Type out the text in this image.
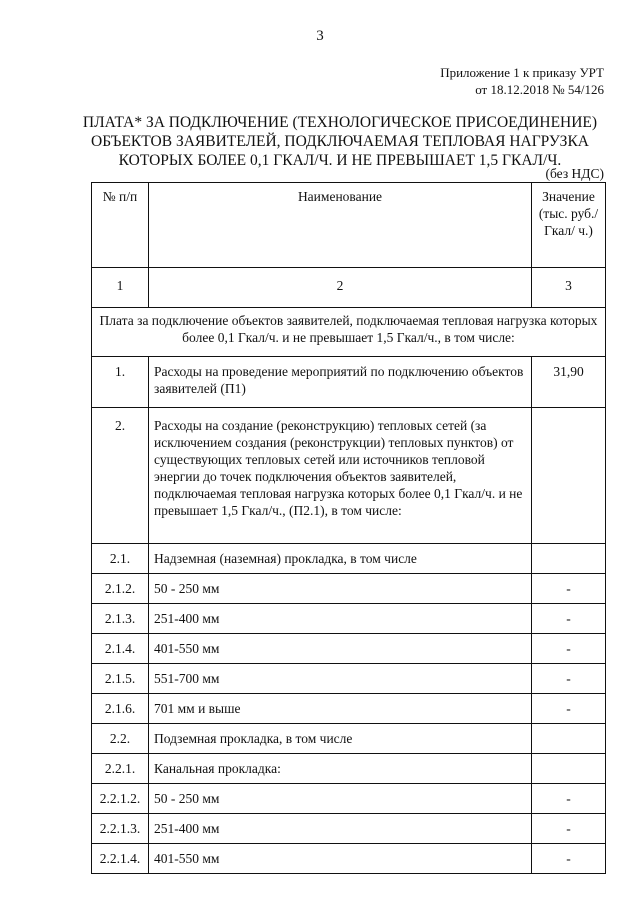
3
Приложение 1 к приказу УРТ
от 18.12.2018 № 54/126
ПЛАТА* ЗА ПОДКЛЮЧЕНИЕ (ТЕХНОЛОГИЧЕСКОЕ ПРИСОЕДИНЕНИЕ)
ОБЪЕКТОВ ЗАЯВИТЕЛЕЙ, ПОДКЛЮЧАЕМАЯ ТЕПЛОВАЯ НАГРУЗКА
КОТОРЫХ БОЛЕЕ 0,1 ГКАЛ/Ч. И НЕ ПРЕВЫШАЕТ 1,5 ГКАЛ/Ч.
(без НДС)
№ п/п	Наименование	Значение (тыс. руб./Гкал/ ч.)
1	2	3
Плата за подключение объектов заявителей, подключаемая тепловая нагрузка которых более 0,1 Гкал/ч. и не превышает 1,5 Гкал/ч., в том числе:		
1.	Расходы на проведение мероприятий по подключению объектов заявителей (П1)	31,90
2.	Расходы на создание (реконструкцию) тепловых сетей (за исключением создания (реконструкции) тепловых пунктов) от существующих тепловых сетей или источников тепловой энергии до точек подключения объектов заявителей, подключаемая тепловая нагрузка которых более 0,1 Гкал/ч. и не превышает 1,5 Гкал/ч., (П2.1), в том числе:	
2.1.	Надземная (наземная) прокладка, в том числе	
2.1.2.	50 - 250 мм	-
2.1.3.	251-400 мм	-
2.1.4.	401-550 мм	-
2.1.5.	551-700 мм	-
2.1.6.	701 мм и выше	-
2.2.	Подземная прокладка, в том числе	
2.2.1.	Канальная прокладка:	
2.2.1.2.	50 - 250 мм	-
2.2.1.3.	251-400 мм	-
2.2.1.4.	401-550 мм	-
